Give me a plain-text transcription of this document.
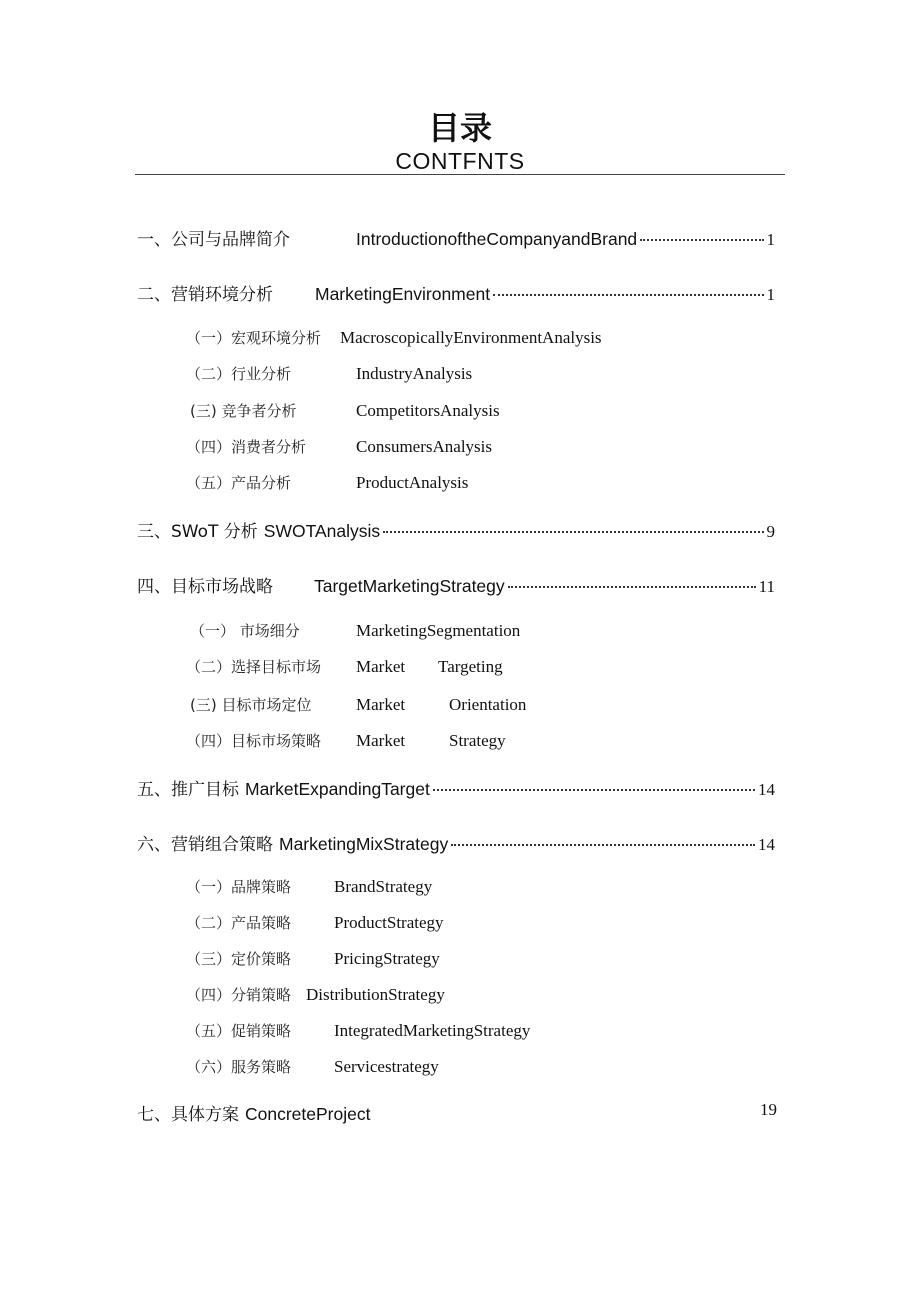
目录
CONTFNTS
一、公司与品牌简介	IntroductionoftheCompanyandBrand	1
二、营销环境分析	MarketingEnvironment	1
（一）宏观环境分析 MacroscopicallyEnvironmentAnalysis
（二）行业分析	IndustryAnalysis
(三) 竞争者分析	CompetitorsAnalysis
（四）消费者分析	ConsumersAnalysis
（五）产品分析	ProductAnalysis
三、SWoT 分析 SWOTAnalysis	9
四、目标市场战略	TargetMarketingStrategy	11
（一） 市场细分	MarketingSegmentation
（二）选择目标市场 Market Targeting
(三) 目标市场定位	Market	Orientation
（四）目标市场策略 Market	Strategy
五、推广目标 MarketExpandingTarget	14
六、营销组合策略 MarketingMixStrategy	14
（一）品牌策略	BrandStrategy
（二）产品策略	ProductStrategy
（三）定价策略	PricingStrategy
（四）分销策略 DistributionStrategy
（五）促销策略	IntegratedMarketingStrategy
（六）服务策略	Servicestrategy
七、具体方案 ConcreteProject	19
